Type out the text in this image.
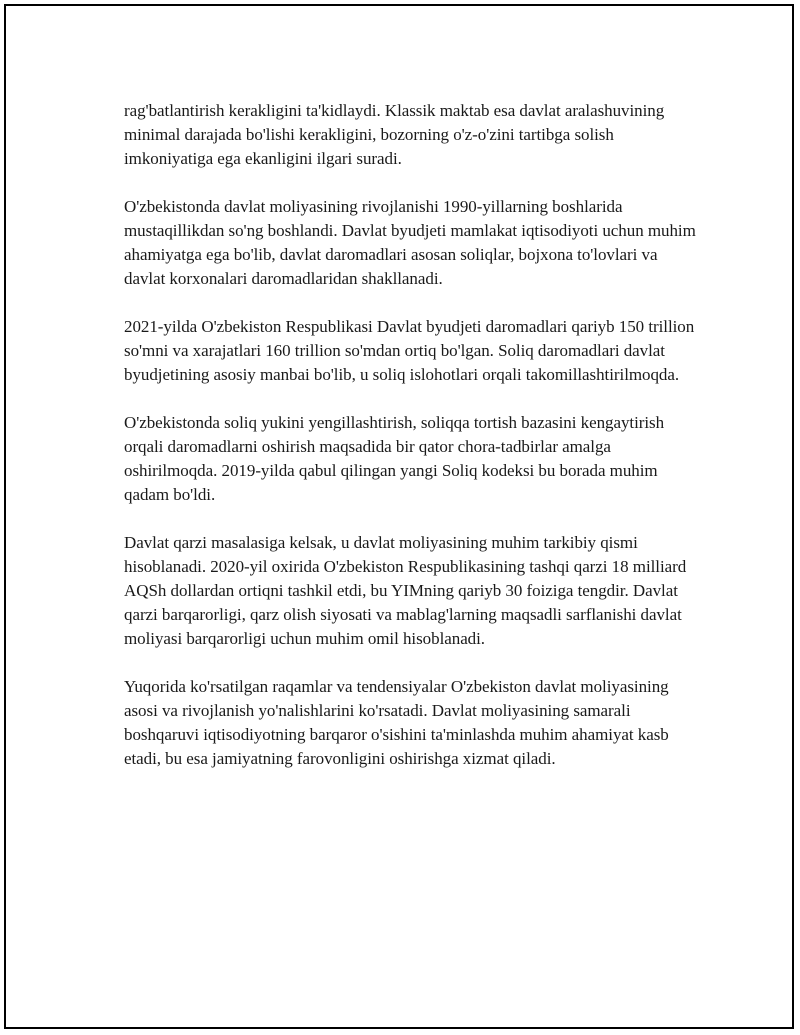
rag'batlantirish kerakligini ta'kidlaydi. Klassik maktab esa davlat aralashuvining minimal darajada bo'lishi kerakligini, bozorning o'z-o'zini tartibga solish imkoniyatiga ega ekanligini ilgari suradi.

O'zbekistonda davlat moliyasining rivojlanishi 1990-yillarning boshlarida mustaqillikdan so'ng boshlandi. Davlat byudjeti mamlakat iqtisodiyoti uchun muhim ahamiyatga ega bo'lib, davlat daromadlari asosan soliqlar, bojxona to'lovlari va davlat korxonalari daromadlaridan shakllanadi.

2021-yilda O'zbekiston Respublikasi Davlat byudjeti daromadlari qariyb 150 trillion so'mni va xarajatlari 160 trillion so'mdan ortiq bo'lgan. Soliq daromadlari davlat byudjetining asosiy manbai bo'lib, u soliq islohotlari orqali takomillashtirilmoqda.

O'zbekistonda soliq yukini yengillashtirish, soliqqa tortish bazasini kengaytirish orqali daromadlarni oshirish maqsadida bir qator chora-tadbirlar amalga oshirilmoqda. 2019-yilda qabul qilingan yangi Soliq kodeksi bu borada muhim qadam bo'ldi.

Davlat qarzi masalasiga kelsak, u davlat moliyasining muhim tarkibiy qismi hisoblanadi. 2020-yil oxirida O'zbekiston Respublikasining tashqi qarzi 18 milliard AQSh dollardan ortiqni tashkil etdi, bu YIMning qariyb 30 foiziga tengdir. Davlat qarzi barqarorligi, qarz olish siyosati va mablag'larning maqsadli sarflanishi davlat moliyasi barqarorligi uchun muhim omil hisoblanadi.

Yuqorida ko'rsatilgan raqamlar va tendensiyalar O'zbekiston davlat moliyasining asosi va rivojlanish yo'nalishlarini ko'rsatadi. Davlat moliyasining samarali boshqaruvi iqtisodiyotning barqaror o'sishini ta'minlashda muhim ahamiyat kasb etadi, bu esa jamiyatning farovonligini oshirishga xizmat qiladi.
